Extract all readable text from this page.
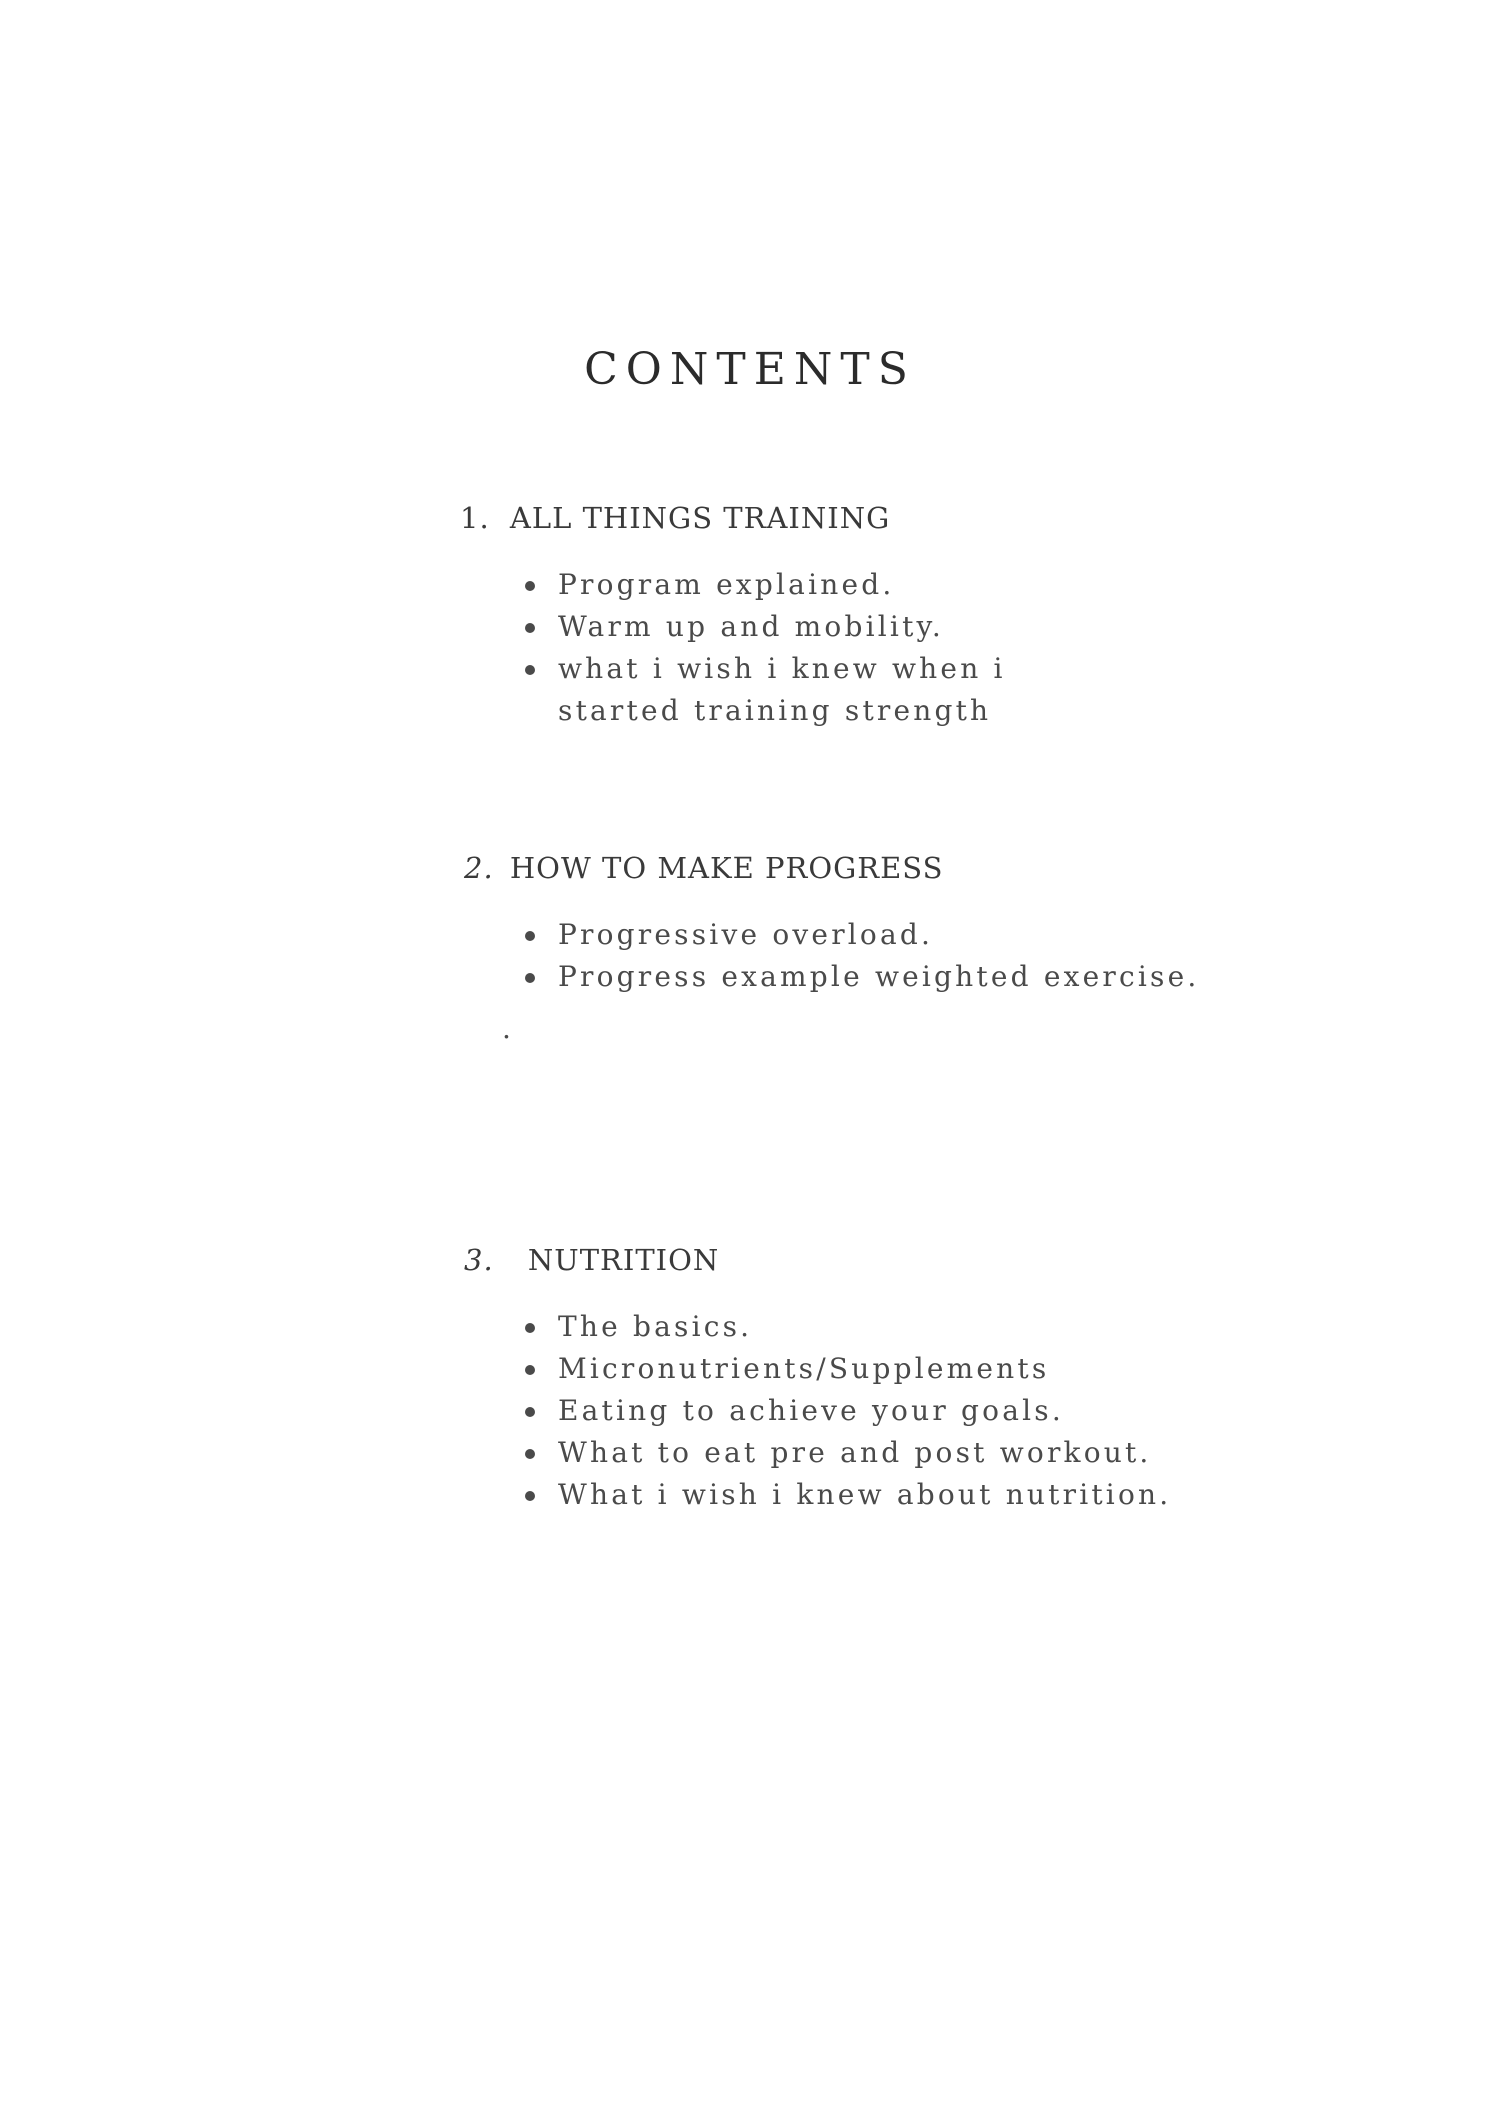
CONTENTS
1. ALL THINGS TRAINING
Program explained.
Warm up and mobility.
what i wish i knew when i started training strength
2. HOW TO MAKE PROGRESS
Progressive overload.
Progress example weighted exercise.
.
3. NUTRITION
The basics.
Micronutrients/Supplements
Eating to achieve your goals.
What to eat pre and post workout.
What i wish i knew about nutrition.
